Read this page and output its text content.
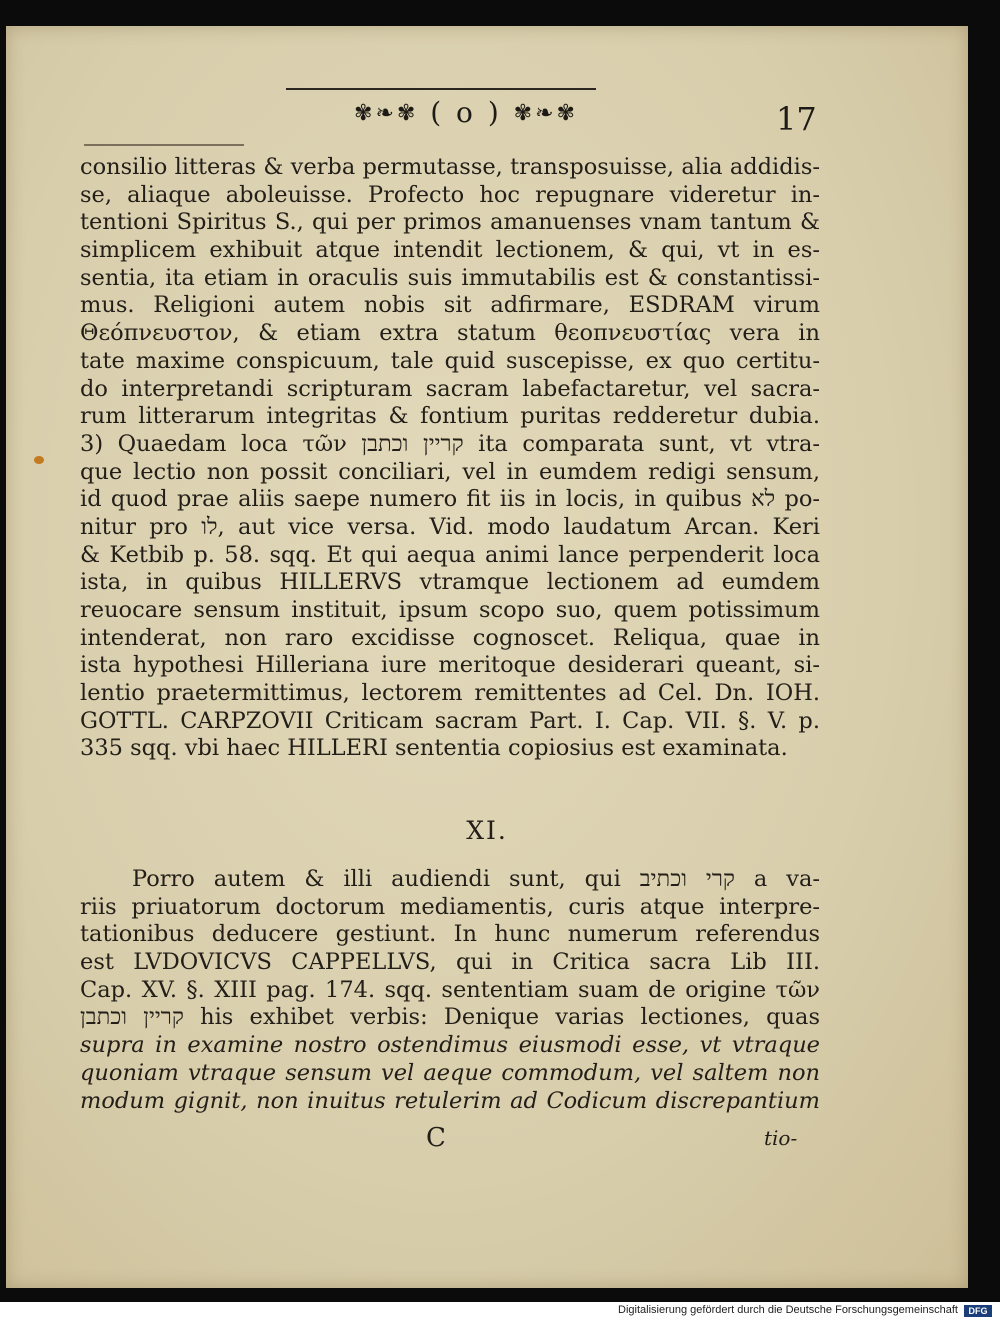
✾❧✾ ( o ) ✾❧✾	17
consilio litteras & verba permutasse, transposuisse, alia addidis-
se, aliaque aboleuisse. Profecto hoc repugnare videretur in-
tentioni Spiritus S., qui per primos amanuenses vnam tantum &
simplicem exhibuit atque intendit lectionem, & qui, vt in es-
sentia, ita etiam in oraculis suis immutabilis est & constantissi-
mus. Religioni autem nobis sit adfirmare, ESDRAM virum
Θεόπνευστον, & etiam extra statum θεοπνευστίας vera in
tate maxime conspicuum, tale quid suscepisse, ex quo certitu-
do interpretandi scripturam sacram labefactaretur, vel sacra-
rum litterarum integritas & fontium puritas redderetur dubia.
3) Quaedam loca τῶν קריין וכתבן ita comparata sunt, vt vtra-
que lectio non possit conciliari, vel in eumdem redigi sensum,
id quod prae aliis saepe numero fit iis in locis, in quibus לא po-
nitur pro לו, aut vice versa. Vid. modo laudatum Arcan. Keri
& Ketbib p. 58. sqq. Et qui aequa animi lance perpenderit loca
ista, in quibus HILLERVS vtramque lectionem ad eumdem
reuocare sensum instituit, ipsum scopo suo, quem potissimum
intenderat, non raro excidisse cognoscet. Reliqua, quae in
ista hypothesi Hilleriana iure meritoque desiderari queant, si-
lentio praetermittimus, lectorem remittentes ad Cel. Dn. IOH.
GOTTL. CARPZOVII Criticam sacram Part. I. Cap. VII. §. V. p.
335 sqq. vbi haec HILLERI sententia copiosius est examinata.
XI.
Porro autem & illi audiendi sunt, qui קרי וכתיב a va-
riis priuatorum doctorum mediamentis, curis atque interpre-
tationibus deducere gestiunt. In hunc numerum referendus
est LVDOVICVS CAPPELLVS, qui in Critica sacra Lib III.
Cap. XV. §. XIII pag. 174. sqq. sententiam suam de origine τῶν
קריין וכתבן his exhibet verbis: Denique varias lectiones, quas
supra in examine nostro ostendimus eiusmodi esse, vt vtraque
quoniam vtraque sensum vel aeque commodum, vel saltem non
modum gignit, non inuitus retulerim ad Codicum discrepantium
C	tio-
Digitalisierung gefördert durch die Deutsche Forschungsgemeinschaft	DFG
